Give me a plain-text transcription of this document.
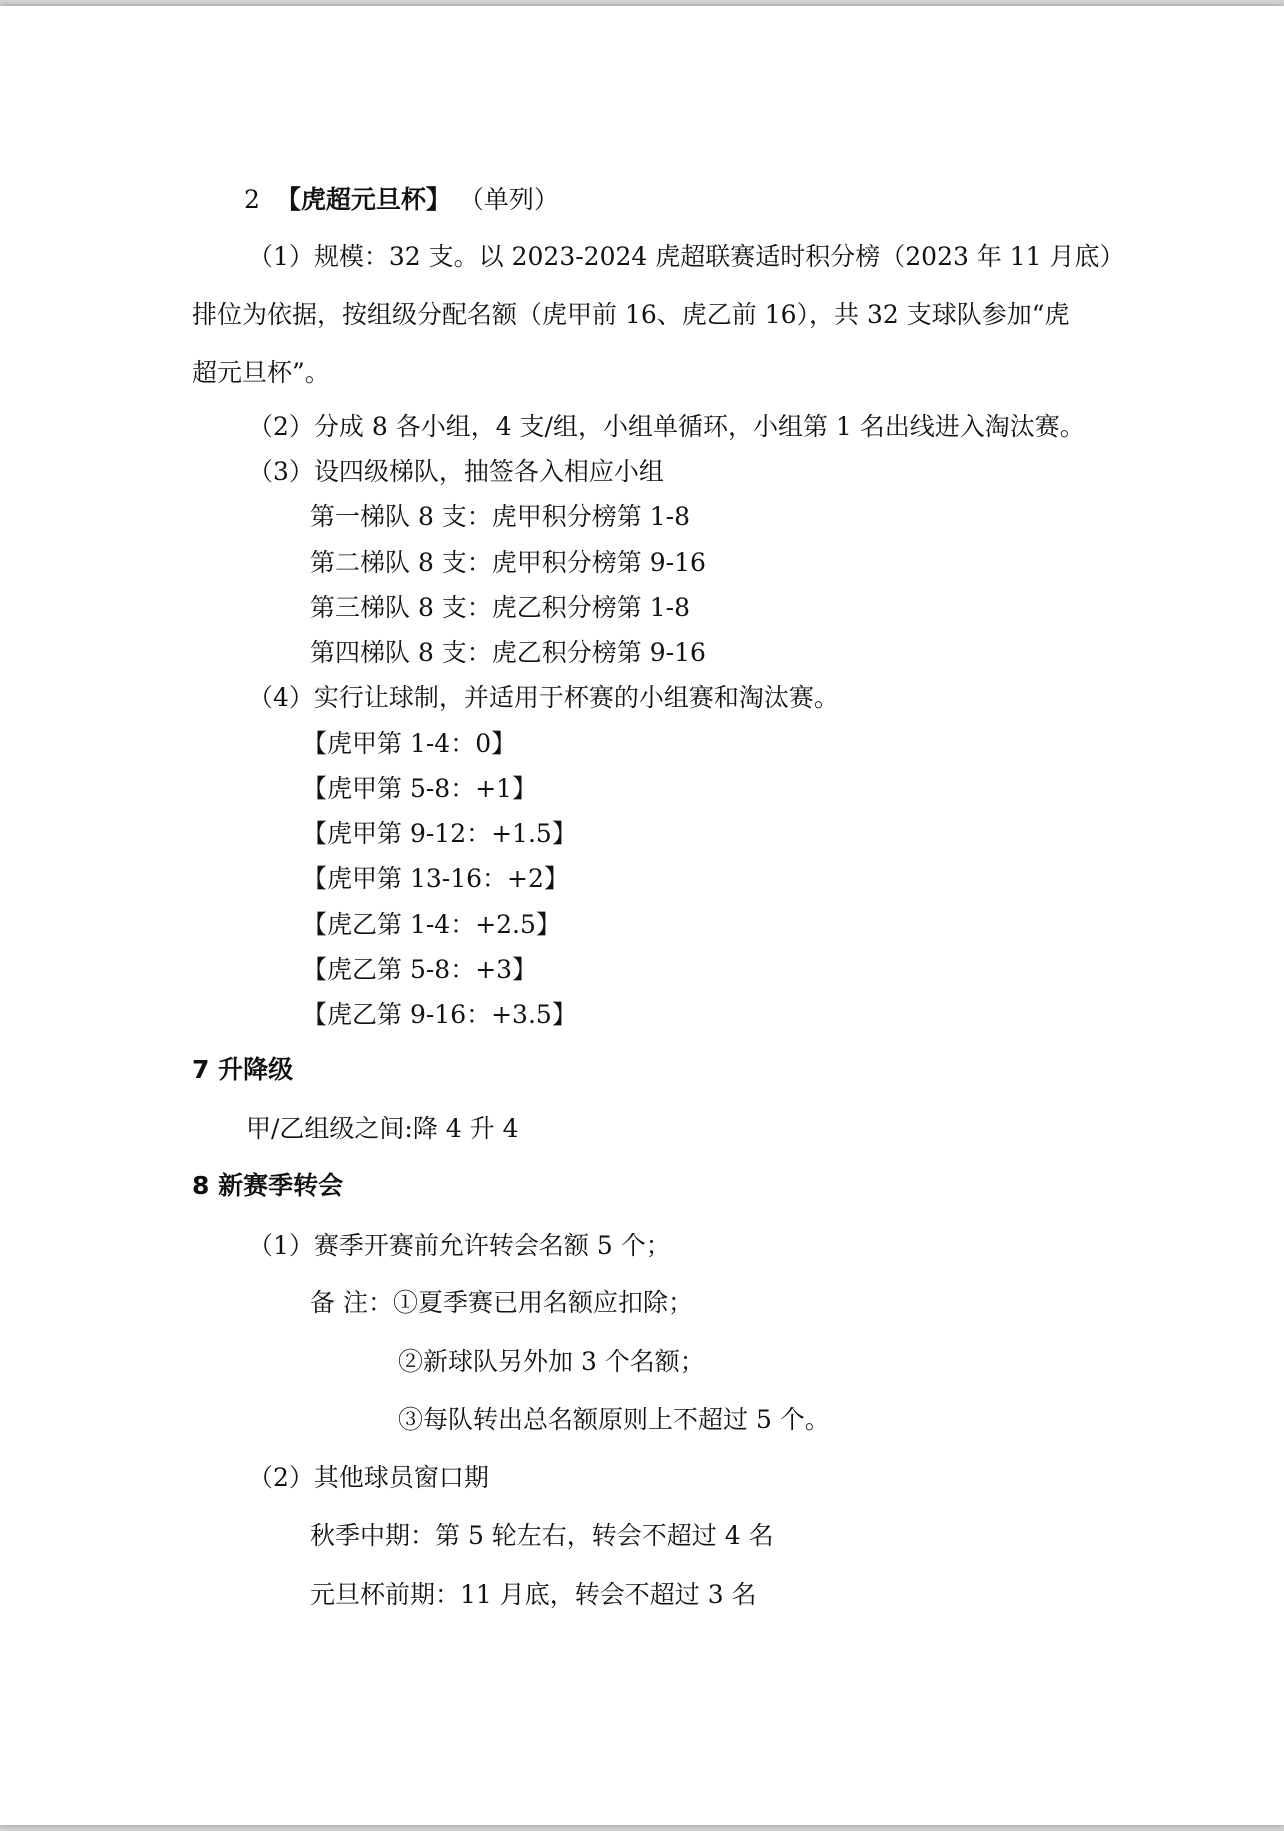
2 【虎超元旦杯】 （单列）
（1）规模：32 支。以 2023-2024 虎超联赛适时积分榜（2023 年 11 月底）
排位为依据，按组级分配名额（虎甲前 16、虎乙前 16），共 32 支球队参加“虎
超元旦杯”。
（2）分成 8 各小组，4 支/组，小组单循环，小组第 1 名出线进入淘汰赛。
（3）设四级梯队，抽签各入相应小组
第一梯队 8 支：虎甲积分榜第 1-8
第二梯队 8 支：虎甲积分榜第 9-16
第三梯队 8 支：虎乙积分榜第 1-8
第四梯队 8 支：虎乙积分榜第 9-16
（4）实行让球制，并适用于杯赛的小组赛和淘汰赛。
【虎甲第 1-4：0】
【虎甲第 5-8：+1】
【虎甲第 9-12：+1.5】
【虎甲第 13-16：+2】
【虎乙第 1-4：+2.5】
【虎乙第 5-8：+3】
【虎乙第 9-16：+3.5】
7 升降级
甲/乙组级之间:降 4 升 4
8 新赛季转会
（1）赛季开赛前允许转会名额 5 个；
备 注：①夏季赛已用名额应扣除；
②新球队另外加 3 个名额；
③每队转出总名额原则上不超过 5 个。
（2）其他球员窗口期
秋季中期：第 5 轮左右，转会不超过 4 名
元旦杯前期：11 月底，转会不超过 3 名
